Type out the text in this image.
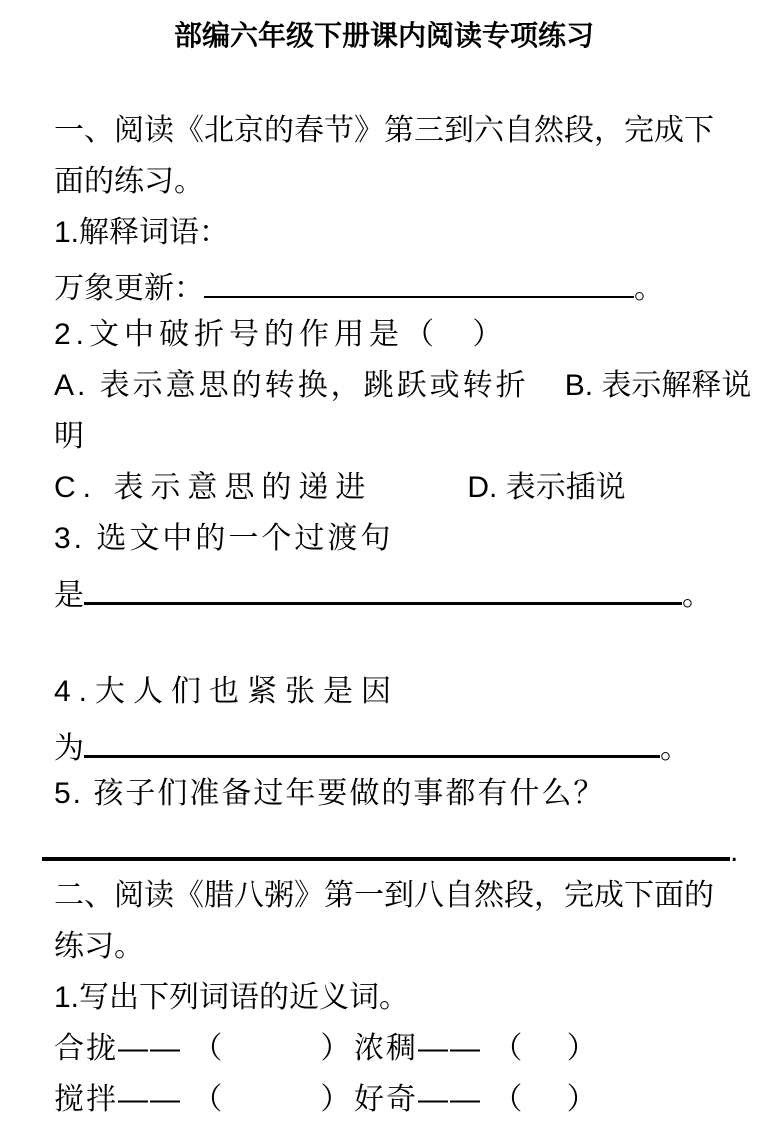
部编六年级下册课内阅读专项练习
一、阅读《北京的春节》第三到六自然段，完成下
面的练习。
1.解释词语：
万象更新：	。
2.文中破折号的作用是（　 ）
A. 表示意思的转换，跳跃或转折 B. 表示解释说
明
C. 表示意思的递进	D. 表示插说
3. 选文中的一个过渡句
是	。
4.大人们也紧张是因
为	。
5. 孩子们准备过年要做的事都有什么？
.
二、阅读《腊八粥》第一到八自然段，完成下面的
练习。
1.写出下列词语的近义词。
合拢—— （　　　） 浓稠—— （　 ）
搅拌—— （　　　） 好奇—— （　 ）
